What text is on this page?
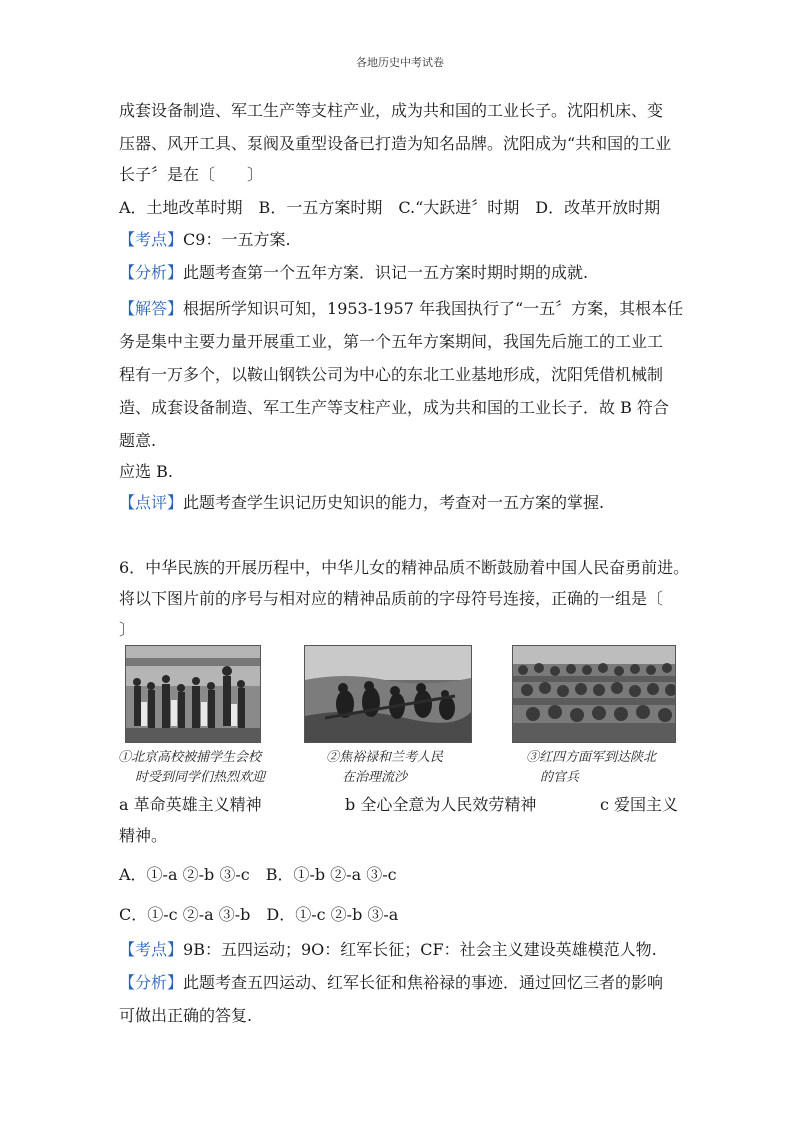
各地历史中考试卷
成套设备制造、军工生产等支柱产业，成为共和国的工业长子。沈阳机床、变
压器、风开工具、泵阀及重型设备已打造为知名品牌。沈阳成为“共和国的工业
长子〞是在〔　　〕
A．土地改革时期　B．一五方案时期　C.“大跃进〞时期　D．改革开放时期
【考点】C9：一五方案.
【分析】此题考查第一个五年方案．识记一五方案时期时期的成就.
【解答】根据所学知识可知，1953-1957 年我国执行了“一五〞方案，其根本任
务是集中主要力量开展重工业，第一个五年方案期间，我国先后施工的工业工
程有一万多个，以鞍山钢铁公司为中心的东北工业基地形成，沈阳凭借机械制
造、成套设备制造、军工生产等支柱产业，成为共和国的工业长子．故 B 符合
题意.
应选 B.
【点评】此题考查学生识记历史知识的能力，考查对一五方案的掌握.
6．中华民族的开展历程中，中华儿女的精神品质不断鼓励着中国人民奋勇前进。
将以下图片前的序号与相对应的精神品质前的字母符号连接，正确的一组是〔
〕
①北京高校被捕学生会校
时受到同学们热烈欢迎
②焦裕禄和兰考人民
在治理流沙
③红四方面军到达陕北
的官兵
a 革命英雄主义精神	b 全心全意为人民效劳精神	c 爱国主义
精神。
A．①-a ②-b ③-c　B．①-b ②-a ③-c
C．①-c ②-a ③-b　D．①-c ②-b ③-a
【考点】9B：五四运动；9O：红军长征；CF：社会主义建设英雄模范人物.
【分析】此题考查五四运动、红军长征和焦裕禄的事迹．通过回忆三者的影响
可做出正确的答复.
